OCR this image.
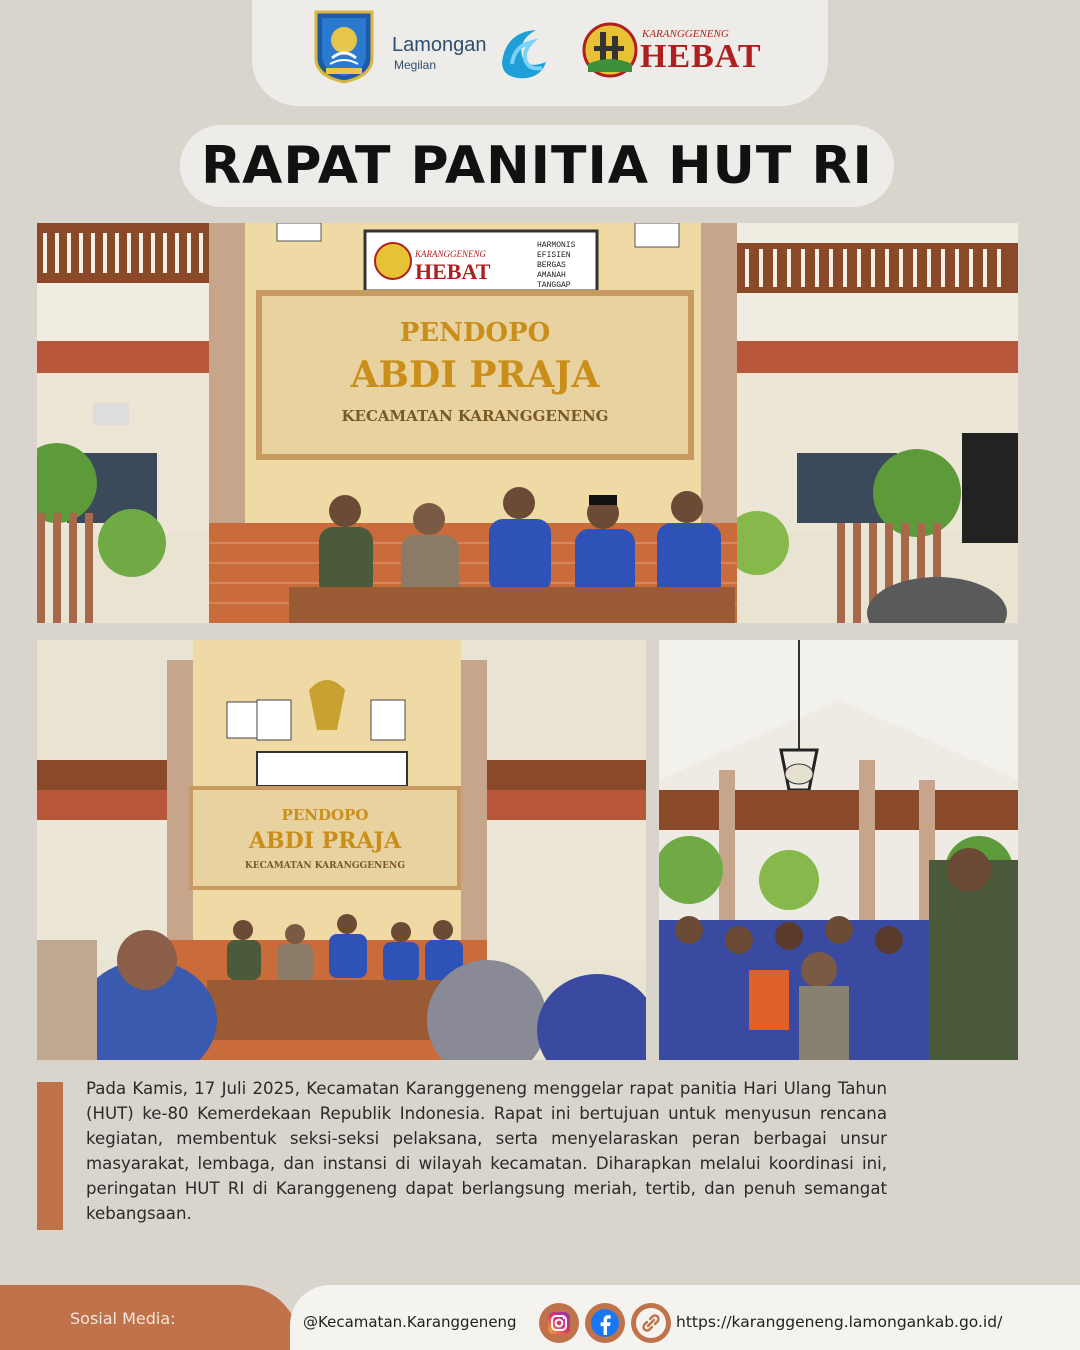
Lamongan
Megilan
KARANGGENENG
HEBAT
RAPAT PANITIA HUT RI
KARANGGENENG
HEBAT
HARMONIS
EFISIEN
BERGAS
AMANAH
TANGGAP
PENDOPO
ABDI PRAJA
KECAMATAN KARANGGENENG
PENDOPO
ABDI PRAJA
KECAMATAN KARANGGENENG

Pada Kamis, 17 Juli 2025, Kecamatan Karanggeneng menggelar rapat panitia Hari Ulang Tahun (HUT) ke-80 Kemerdekaan Republik Indonesia. Rapat ini bertujuan untuk menyusun rencana kegiatan, membentuk seksi-seksi pelaksana, serta menyelaraskan peran berbagai unsur masyarakat, lembaga, dan instansi di wilayah kecamatan. Diharapkan melalui koordinasi ini, peringatan HUT RI di Karanggeneng dapat berlangsung meriah, tertib, dan penuh semangat kebangsaan.

Sosial Media:	@Kecamatan.Karanggeneng	https://karanggeneng.lamongankab.go.id/
